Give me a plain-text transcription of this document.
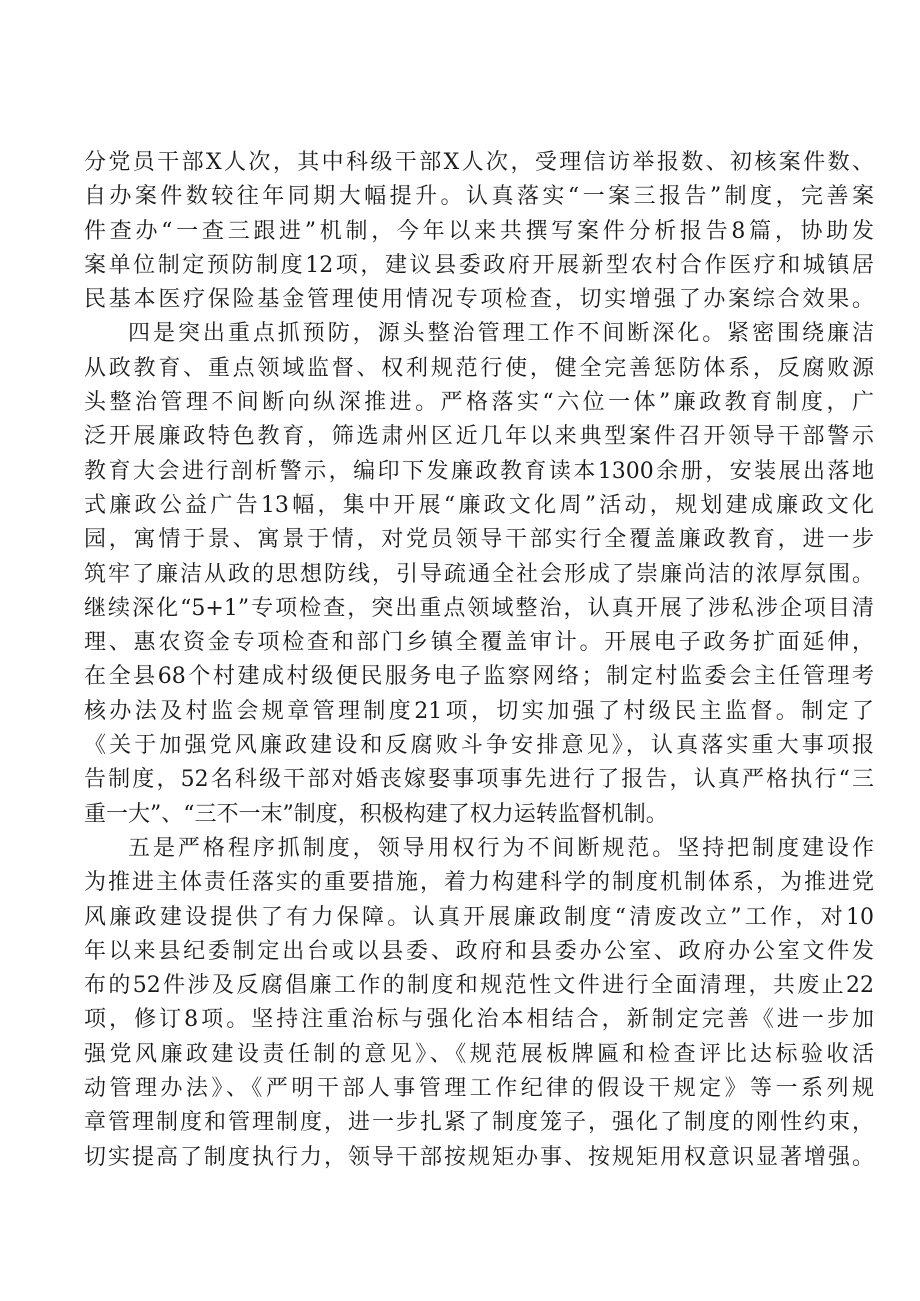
分党员干部X人次，其中科级干部X人次，受理信访举报数、初核案件数、
自办案件数较往年同期大幅提升。认真落实“一案三报告”制度，完善案
件查办“一查三跟进”机制，今年以来共撰写案件分析报告8篇，协助发
案单位制定预防制度12项，建议县委政府开展新型农村合作医疗和城镇居
民基本医疗保险基金管理使用情况专项检查，切实增强了办案综合效果。
四是突出重点抓预防，源头整治管理工作不间断深化。紧密围绕廉洁
从政教育、重点领域监督、权利规范行使，健全完善惩防体系，反腐败源
头整治管理不间断向纵深推进。严格落实“六位一体”廉政教育制度，广
泛开展廉政特色教育，筛选肃州区近几年以来典型案件召开领导干部警示
教育大会进行剖析警示，编印下发廉政教育读本1300余册，安装展出落地
式廉政公益广告13幅，集中开展“廉政文化周”活动，规划建成廉政文化
园，寓情于景、寓景于情，对党员领导干部实行全覆盖廉政教育，进一步
筑牢了廉洁从政的思想防线，引导疏通全社会形成了崇廉尚洁的浓厚氛围。
继续深化“5+1”专项检查，突出重点领域整治，认真开展了涉私涉企项目清
理、惠农资金专项检查和部门乡镇全覆盖审计。开展电子政务扩面延伸，
在全县68个村建成村级便民服务电子监察网络；制定村监委会主任管理考
核办法及村监会规章管理制度21项，切实加强了村级民主监督。制定了
《关于加强党风廉政建设和反腐败斗争安排意见》，认真落实重大事项报
告制度，52名科级干部对婚丧嫁娶事项事先进行了报告，认真严格执行“三
重一大”、“三不一末”制度，积极构建了权力运转监督机制。
五是严格程序抓制度，领导用权行为不间断规范。坚持把制度建设作
为推进主体责任落实的重要措施，着力构建科学的制度机制体系，为推进党
风廉政建设提供了有力保障。认真开展廉政制度“清废改立”工作，对10
年以来县纪委制定出台或以县委、政府和县委办公室、政府办公室文件发
布的52件涉及反腐倡廉工作的制度和规范性文件进行全面清理，共废止22
项，修订8项。坚持注重治标与强化治本相结合，新制定完善《进一步加
强党风廉政建设责任制的意见》、《规范展板牌匾和检查评比达标验收活
动管理办法》、《严明干部人事管理工作纪律的假设干规定》等一系列规
章管理制度和管理制度，进一步扎紧了制度笼子，强化了制度的刚性约束，
切实提高了制度执行力，领导干部按规矩办事、按规矩用权意识显著增强。
